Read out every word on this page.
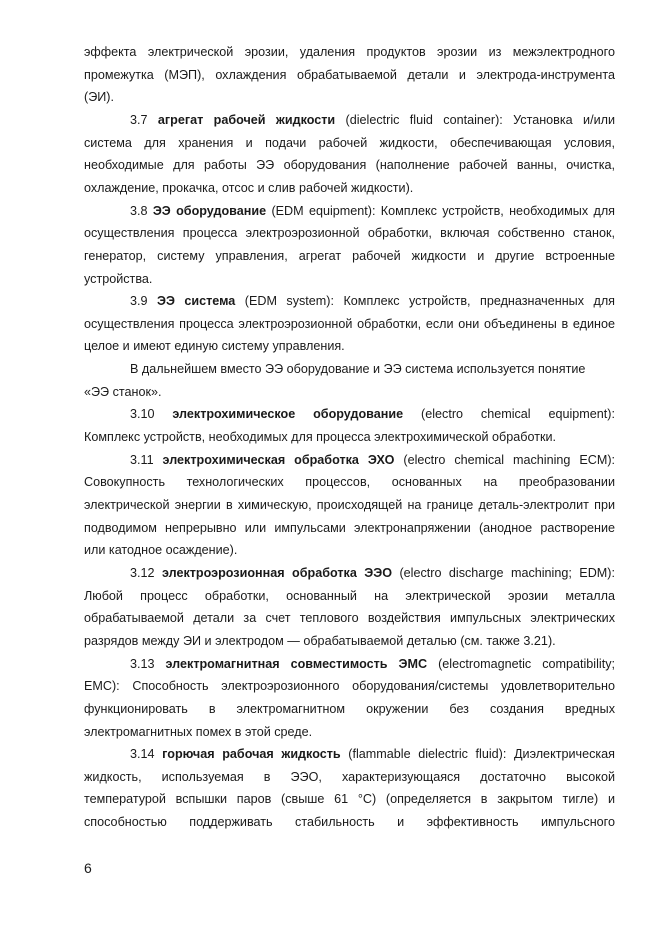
эффекта электрической эрозии, удаления продуктов эрозии из межэлектродного
промежутка (МЭП), охлаждения обрабатываемой детали и электрода-инструмента
(ЭИ).
3.7 агрегат рабочей жидкости (dielectric fluid container): Установка и/или
система для хранения и подачи рабочей жидкости, обеспечивающая условия,
необходимые для работы ЭЭ оборудования (наполнение рабочей ванны, очистка,
охлаждение, прокачка, отсос и слив рабочей жидкости).
3.8 ЭЭ оборудование (EDM equipment): Комплекс устройств, необходимых для
осуществления процесса электроэрозионной обработки, включая собственно станок,
генератор, систему управления, агрегат рабочей жидкости и другие встроенные
устройства.
3.9 ЭЭ система (EDM system): Комплекс устройств, предназначенных для
осуществления процесса электроэрозионной обработки, если они объединены в единое
целое и имеют единую систему управления.
В дальнейшем вместо ЭЭ оборудование и ЭЭ система используется понятие
«ЭЭ станок».
3.10 электрохимическое оборудование (electro chemical equipment):
Комплекс устройств, необходимых для процесса электрохимической обработки.
3.11 электрохимическая обработка ЭХО (electro chemical machining ECM):
Совокупность технологических процессов, основанных на преобразовании
электрической энергии в химическую, происходящей на границе деталь-электролит при
подводимом непрерывно или импульсами электронапряжении (анодное растворение
или катодное осаждение).
3.12 электроэрозионная обработка ЭЭО (electro discharge machining; EDM):
Любой процесс обработки, основанный на электрической эрозии металла
обрабатываемой детали за счет теплового воздействия импульсных электрических
разрядов между ЭИ и электродом — обрабатываемой деталью (см. также 3.21).
3.13 электромагнитная совместимость ЭМС (electromagnetic compatibility;
EMC): Способность электроэрозионного оборудования/системы удовлетворительно
функционировать в электромагнитном окружении без создания вредных
электромагнитных помех в этой среде.
3.14 горючая рабочая жидкость (flammable dielectric fluid): Диэлектрическая
жидкость, используемая в ЭЭО, характеризующаяся достаточно высокой
температурой вспышки паров (свыше 61 °С) (определяется в закрытом тигле) и
способностью поддерживать стабильность и эффективность импульсного
6
